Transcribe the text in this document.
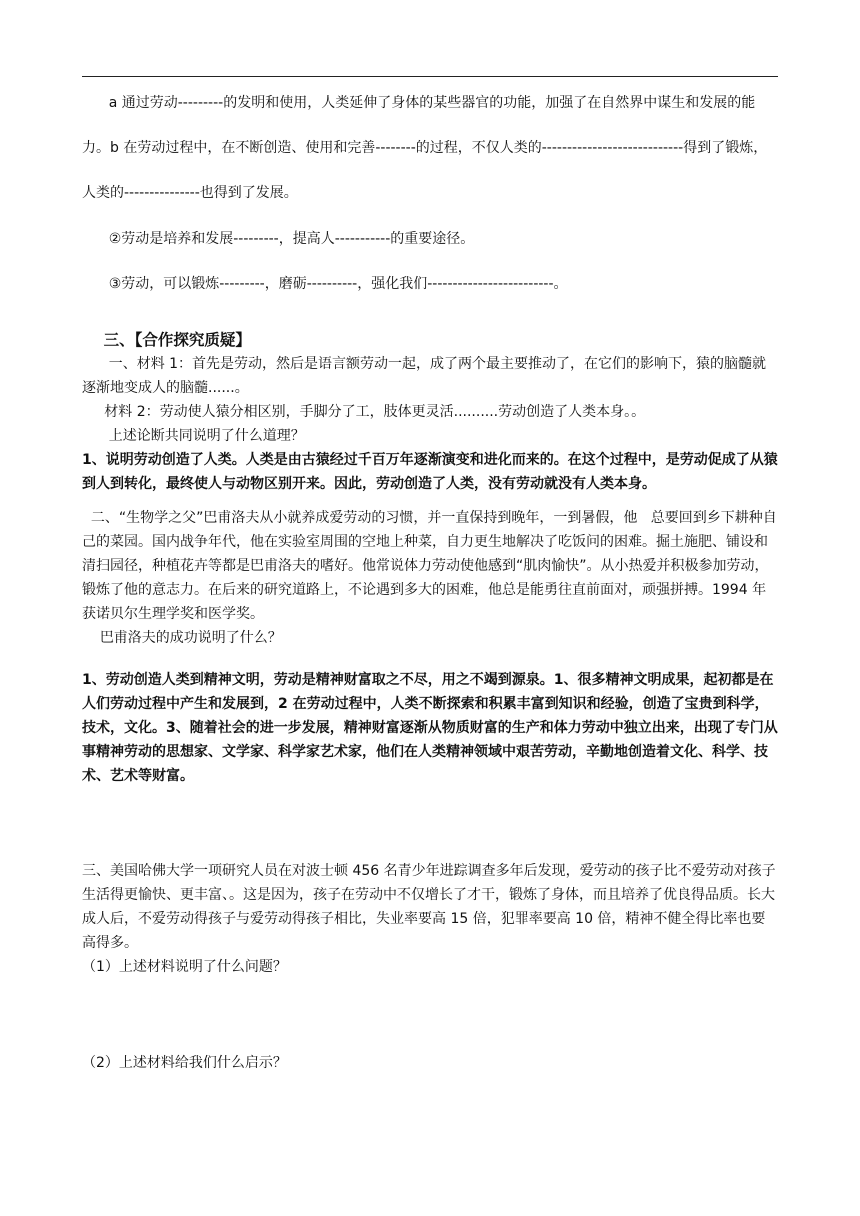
a 通过劳动---------的发明和使用，人类延伸了身体的某些器官的功能，加强了在自然界中谋生和发展的能力。b 在劳动过程中，在不断创造、使用和完善--------的过程，不仅人类的----------------------------得到了锻炼，人类的---------------也得到了发展。

②劳动是培养和发展---------，提高人-----------的重要途径。

③劳动，可以锻炼---------，磨砺----------，强化我们-------------------------。

三、【合作探究质疑】

一、材料 1：首先是劳动，然后是语言额劳动一起，成了两个最主要推动了，在它们的影响下，猿的脑髓就逐渐地变成人的脑髓......。

材料 2：劳动使人猿分相区别，手脚分了工，肢体更灵活..........劳动创造了人类本身。。

上述论断共同说明了什么道理？

1、说明劳动创造了人类。人类是由古猿经过千百万年逐渐演变和进化而来的。在这个过程中，是劳动促成了从猿到人到转化，最终使人与动物区别开来。因此，劳动创造了人类，没有劳动就没有人类本身。

二、“生物学之父”巴甫洛夫从小就养成爱劳动的习惯，并一直保持到晚年，一到暑假，他   总要回到乡下耕种自己的菜园。国内战争年代，他在实验室周围的空地上种菜，自力更生地解决了吃饭问的困难。掘土施肥、铺设和清扫园径，种植花卉等都是巴甫洛夫的嗜好。他常说体力劳动使他感到“肌肉愉快”。从小热爱并积极参加劳动，锻炼了他的意志力。在后来的研究道路上，不论遇到多大的困难，他总是能勇往直前面对，顽强拼搏。1994 年获诺贝尔生理学奖和医学奖。

巴甫洛夫的成功说明了什么？

1、劳动创造人类到精神文明，劳动是精神财富取之不尽，用之不竭到源泉。1、很多精神文明成果，起初都是在人们劳动过程中产生和发展到，2 在劳动过程中，人类不断探索和积累丰富到知识和经验，创造了宝贵到科学，技术，文化。3、随着社会的进一步发展，精神财富逐渐从物质财富的生产和体力劳动中独立出来，出现了专门从事精神劳动的思想家、文学家、科学家艺术家，他们在人类精神领域中艰苦劳动，辛勤地创造着文化、科学、技术、艺术等财富。

三、美国哈佛大学一项研究人员在对波士顿 456 名青少年进踪调查多年后发现，爱劳动的孩子比不爱劳动对孩子生活得更愉快、更丰富、。这是因为，孩子在劳动中不仅增长了才干，锻炼了身体，而且培养了优良得品质。长大成人后，不爱劳动得孩子与爱劳动得孩子相比，失业率要高 15 倍，犯罪率要高 10 倍，精神不健全得比率也要高得多。

（1）上述材料说明了什么问题？

（2）上述材料给我们什么启示？
